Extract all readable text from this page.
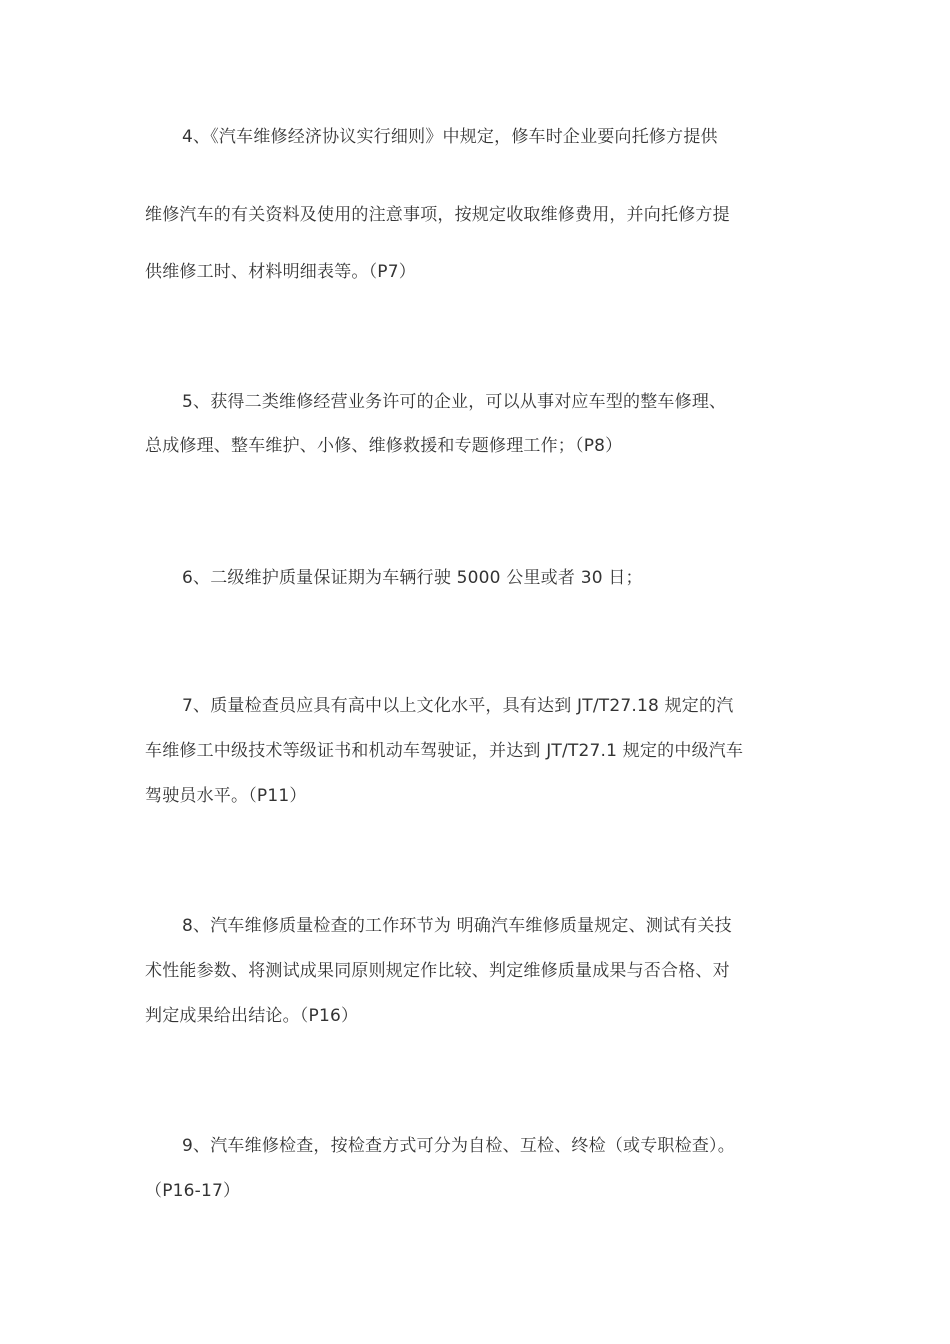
4、《汽车维修经济协议实行细则》中规定，修车时企业要向托修方提供
维修汽车的有关资料及使用的注意事项，按规定收取维修费用，并向托修方提
供维修工时、材料明细表等。（P7）
5、获得二类维修经营业务许可的企业，可以从事对应车型的整车修理、
总成修理、整车维护、小修、维修救援和专题修理工作；（P8）
6、二级维护质量保证期为车辆行驶 5000 公里或者 30 日；
7、质量检查员应具有高中以上文化水平，具有达到 JT/T27.18 规定的汽
车维修工中级技术等级证书和机动车驾驶证，并达到 JT/T27.1 规定的中级汽车
驾驶员水平。（P11）
8、汽车维修质量检查的工作环节为 明确汽车维修质量规定、测试有关技
术性能参数、将测试成果同原则规定作比较、判定维修质量成果与否合格、对
判定成果给出结论。（P16）
9、汽车维修检查，按检查方式可分为自检、互检、终检（或专职检查）。
（P16-17）
